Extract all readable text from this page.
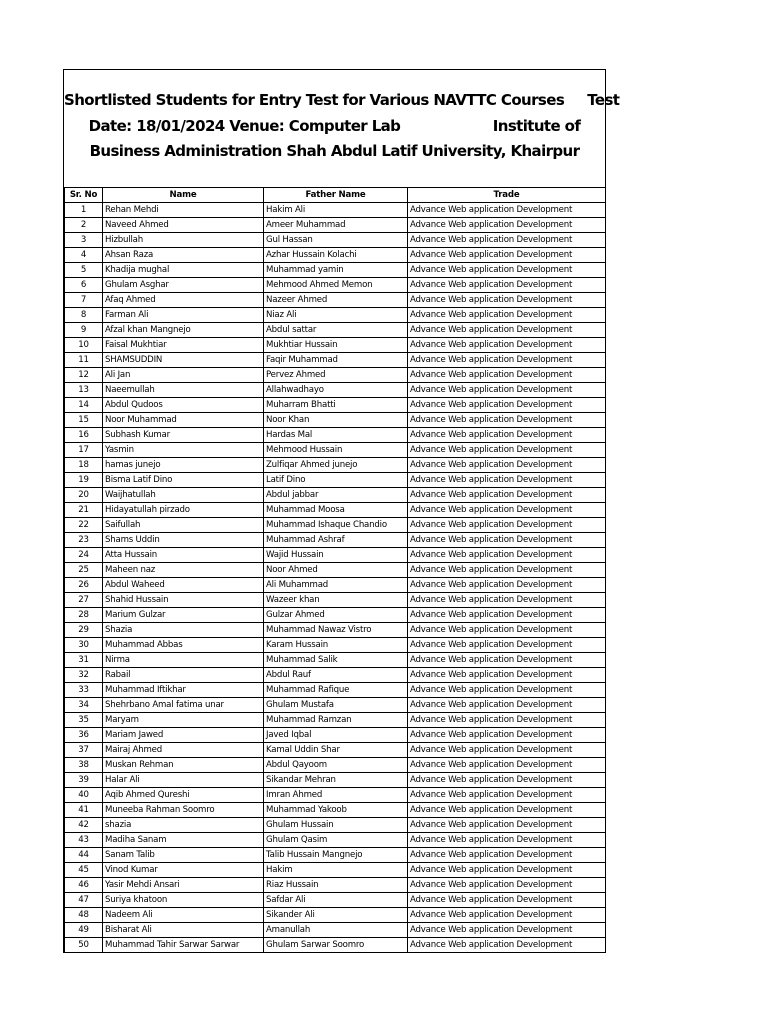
Shortlisted Students for Entry Test for Various NAVTTC Courses     Test
Date: 18/01/2024 Venue: Computer Lab                    Institute of
Business Administration Shah Abdul Latif University, Khairpur
Sr. No	Name	Father Name	Trade
1	Rehan Mehdi	Hakim Ali	Advance Web application Development
2	Naveed Ahmed	Ameer Muhammad	Advance Web application Development
3	Hizbullah	Gul Hassan	Advance Web application Development
4	Ahsan Raza	Azhar Hussain Kolachi	Advance Web application Development
5	Khadija mughal	Muhammad yamin	Advance Web application Development
6	Ghulam Asghar	Mehmood Ahmed Memon	Advance Web application Development
7	Afaq Ahmed	Nazeer Ahmed	Advance Web application Development
8	Farman Ali	Niaz Ali	Advance Web application Development
9	Afzal khan Mangnejo	Abdul sattar	Advance Web application Development
10	Faisal Mukhtiar	Mukhtiar Hussain	Advance Web application Development
11	SHAMSUDDIN	Faqir Muhammad	Advance Web application Development
12	Ali Jan	Pervez Ahmed	Advance Web application Development
13	Naeemullah	Allahwadhayo	Advance Web application Development
14	Abdul Qudoos	Muharram Bhatti	Advance Web application Development
15	Noor Muhammad	Noor Khan	Advance Web application Development
16	Subhash Kumar	Hardas Mal	Advance Web application Development
17	Yasmin	Mehmood Hussain	Advance Web application Development
18	hamas junejo	Zulfiqar Ahmed junejo	Advance Web application Development
19	Bisma Latif Dino	Latif Dino	Advance Web application Development
20	Waijhatullah	Abdul jabbar	Advance Web application Development
21	Hidayatullah pirzado	Muhammad Moosa	Advance Web application Development
22	Saifullah	Muhammad Ishaque Chandio	Advance Web application Development
23	Shams Uddin	Muhammad Ashraf	Advance Web application Development
24	Atta Hussain	Wajid Hussain	Advance Web application Development
25	Maheen naz	Noor Ahmed	Advance Web application Development
26	Abdul Waheed	Ali Muhammad	Advance Web application Development
27	Shahid Hussain	Wazeer khan	Advance Web application Development
28	Marium Gulzar	Gulzar Ahmed	Advance Web application Development
29	Shazia	Muhammad Nawaz Vistro	Advance Web application Development
30	Muhammad Abbas	Karam Hussain	Advance Web application Development
31	Nirma	Muhammad Salik	Advance Web application Development
32	Rabail	Abdul Rauf	Advance Web application Development
33	Muhammad Iftikhar	Muhammad Rafique	Advance Web application Development
34	Shehrbano Amal fatima unar	Ghulam Mustafa	Advance Web application Development
35	Maryam	Muhammad Ramzan	Advance Web application Development
36	Mariam Jawed	Javed Iqbal	Advance Web application Development
37	Mairaj Ahmed	Kamal Uddin Shar	Advance Web application Development
38	Muskan Rehman	Abdul Qayoom	Advance Web application Development
39	Halar Ali	Sikandar Mehran	Advance Web application Development
40	Aqib Ahmed Qureshi	Imran Ahmed	Advance Web application Development
41	Muneeba Rahman Soomro	Muhammad Yakoob	Advance Web application Development
42	shazia	Ghulam Hussain	Advance Web application Development
43	Madiha Sanam	Ghulam Qasim	Advance Web application Development
44	Sanam Talib	Talib Hussain Mangnejo	Advance Web application Development
45	Vinod Kumar	Hakim	Advance Web application Development
46	Yasir Mehdi Ansari	Riaz Hussain	Advance Web application Development
47	Suriya khatoon	Safdar Ali	Advance Web application Development
48	Nadeem Ali	Sikander Ali	Advance Web application Development
49	Bisharat Ali	Amanullah	Advance Web application Development
50	Muhammad Tahir Sarwar Sarwar	Ghulam Sarwar Soomro	Advance Web application Development
